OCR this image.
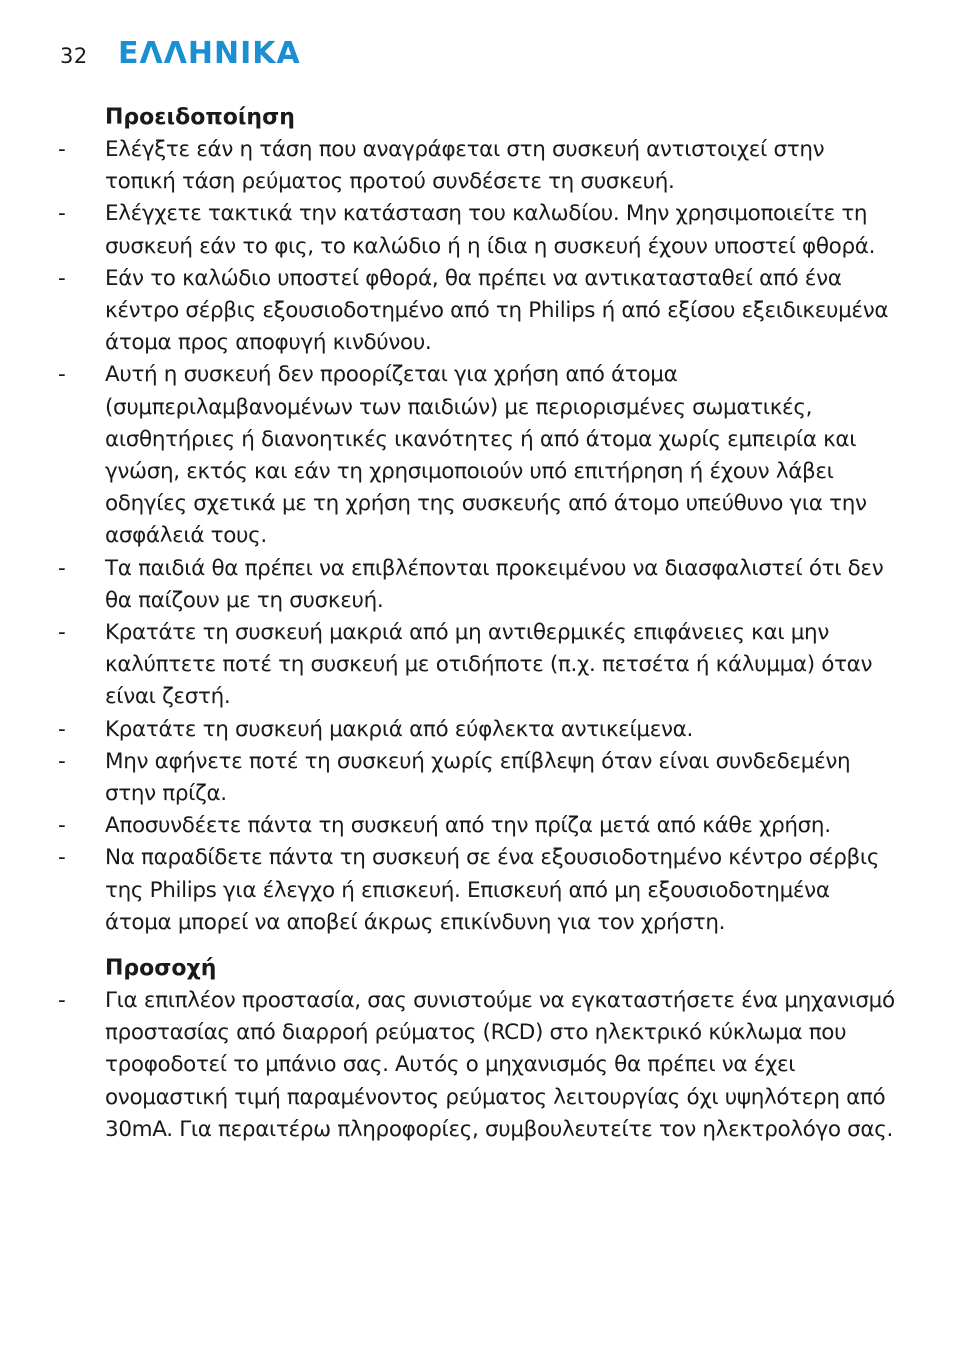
32	ΕΛΛΗΝΙΚΑ
Προειδοποίηση
-	Ελέγξτε εάν η τάση που αναγράφεται στη συσκευή αντιστοιχεί στην τοπική τάση ρεύματος προτού συνδέσετε τη συσκευή.
-	Ελέγχετε τακτικά την κατάσταση του καλωδίου. Μην χρησιμοποιείτε τη συσκευή εάν το φις, το καλώδιο ή η ίδια η συσκευή έχουν υποστεί φθορά.
-	Εάν το καλώδιο υποστεί φθορά, θα πρέπει να αντικατασταθεί από ένα κέντρο σέρβις εξουσιοδοτημένο από τη Philips ή από εξίσου εξειδικευμένα άτομα προς αποφυγή κινδύνου.
-	Αυτή η συσκευή δεν προορίζεται για χρήση από άτομα (συμπεριλαμβανομένων των παιδιών) με περιορισμένες σωματικές, αισθητήριες ή διανοητικές ικανότητες ή από άτομα χωρίς εμπειρία και γνώση, εκτός και εάν τη χρησιμοποιούν υπό επιτήρηση ή έχουν λάβει οδηγίες σχετικά με τη χρήση της συσκευής από άτομο υπεύθυνο για την ασφάλειά τους.
-	Τα παιδιά θα πρέπει να επιβλέπονται προκειμένου να διασφαλιστεί ότι δεν θα παίζουν με τη συσκευή.
-	Κρατάτε τη συσκευή μακριά από μη αντιθερμικές επιφάνειες και μην καλύπτετε ποτέ τη συσκευή με οτιδήποτε (π.χ. πετσέτα ή κάλυμμα) όταν είναι ζεστή.
-	Κρατάτε τη συσκευή μακριά από εύφλεκτα αντικείμενα.
-	Μην αφήνετε ποτέ τη συσκευή χωρίς επίβλεψη όταν είναι συνδεδεμένη στην πρίζα.
-	Αποσυνδέετε πάντα τη συσκευή από την πρίζα μετά από κάθε χρήση.
-	Να παραδίδετε πάντα τη συσκευή σε ένα εξουσιοδοτημένο κέντρο σέρβις της Philips για έλεγχο ή επισκευή. Επισκευή από μη εξουσιοδοτημένα άτομα μπορεί να αποβεί άκρως επικίνδυνη για τον χρήστη.
Προσοχή
-	Για επιπλέον προστασία, σας συνιστούμε να εγκαταστήσετε ένα μηχανισμό προστασίας από διαρροή ρεύματος (RCD) στο ηλεκτρικό κύκλωμα που τροφοδοτεί το μπάνιο σας. Αυτός ο μηχανισμός θα πρέπει να έχει ονομαστική τιμή παραμένοντος ρεύματος λειτουργίας όχι υψηλότερη από 30mA. Για περαιτέρω πληροφορίες, συμβουλευτείτε τον ηλεκτρολόγο σας.
